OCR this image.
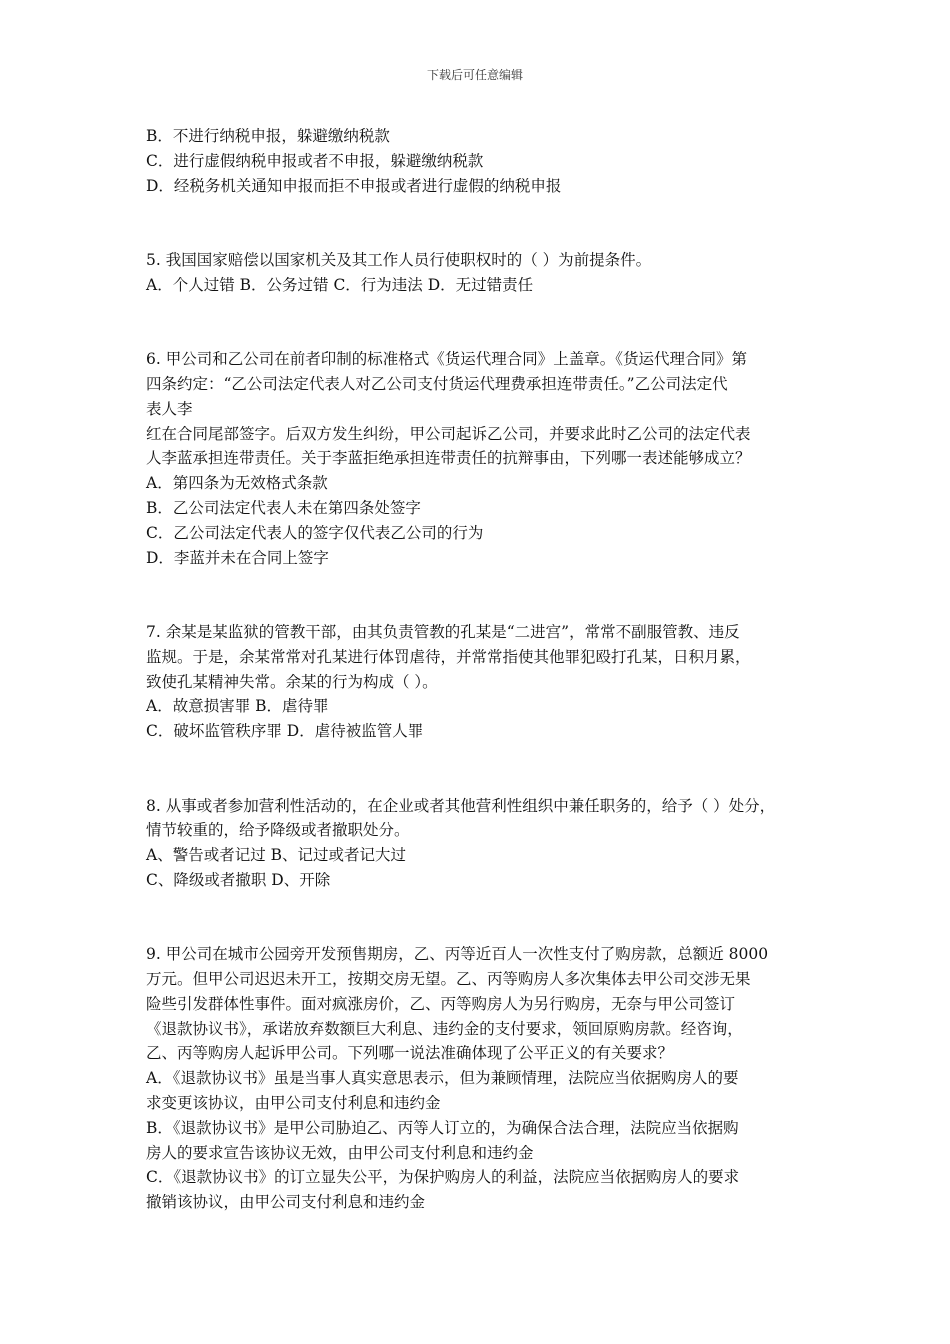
下载后可任意编辑
B．不进行纳税申报，躲避缴纳税款
C．进行虚假纳税申报或者不申报，躲避缴纳税款
D．经税务机关通知申报而拒不申报或者进行虚假的纳税申报
5. 我国国家赔偿以国家机关及其工作人员行使职权时的（ ）为前提条件。
A．个人过错 B．公务过错 C．行为违法 D．无过错责任
6. 甲公司和乙公司在前者印制的标准格式《货运代理合同》上盖章。《货运代理合同》第
四条约定：“乙公司法定代表人对乙公司支付货运代理费承担连带责任。”乙公司法定代
表人李
红在合同尾部签字。后双方发生纠纷，甲公司起诉乙公司，并要求此时乙公司的法定代表
人李蓝承担连带责任。关于李蓝拒绝承担连带责任的抗辩事由，下列哪一表述能够成立？
A．第四条为无效格式条款
B．乙公司法定代表人未在第四条处签字
C．乙公司法定代表人的签字仅代表乙公司的行为
D．李蓝并未在合同上签字
7. 余某是某监狱的管教干部，由其负责管教的孔某是“二进宫”，常常不副服管教、违反
监规。于是，余某常常对孔某进行体罚虐待，并常常指使其他罪犯殴打孔某，日积月累，
致使孔某精神失常。余某的行为构成（ ）。
A．故意损害罪 B．虐待罪
C．破坏监管秩序罪 D．虐待被监管人罪
8. 从事或者参加营利性活动的，在企业或者其他营利性组织中兼任职务的，给予（ ）处分，
情节较重的，给予降级或者撤职处分。
A、警告或者记过 B、记过或者记大过
C、降级或者撤职 D、开除
9. 甲公司在城市公园旁开发预售期房，乙、丙等近百人一次性支付了购房款，总额近 8000
万元。但甲公司迟迟未开工，按期交房无望。乙、丙等购房人多次集体去甲公司交涉无果
险些引发群体性事件。面对疯涨房价，乙、丙等购房人为另行购房，无奈与甲公司签订
《退款协议书》，承诺放弃数额巨大利息、违约金的支付要求，领回原购房款。经咨询，
乙、丙等购房人起诉甲公司。下列哪一说法准确体现了公平正义的有关要求？
A．《退款协议书》虽是当事人真实意思表示，但为兼顾情理，法院应当依据购房人的要
求变更该协议，由甲公司支付利息和违约金
B．《退款协议书》是甲公司胁迫乙、丙等人订立的，为确保合法合理，法院应当依据购
房人的要求宣告该协议无效，由甲公司支付利息和违约金
C．《退款协议书》的订立显失公平，为保护购房人的利益，法院应当依据购房人的要求
撤销该协议，由甲公司支付利息和违约金
